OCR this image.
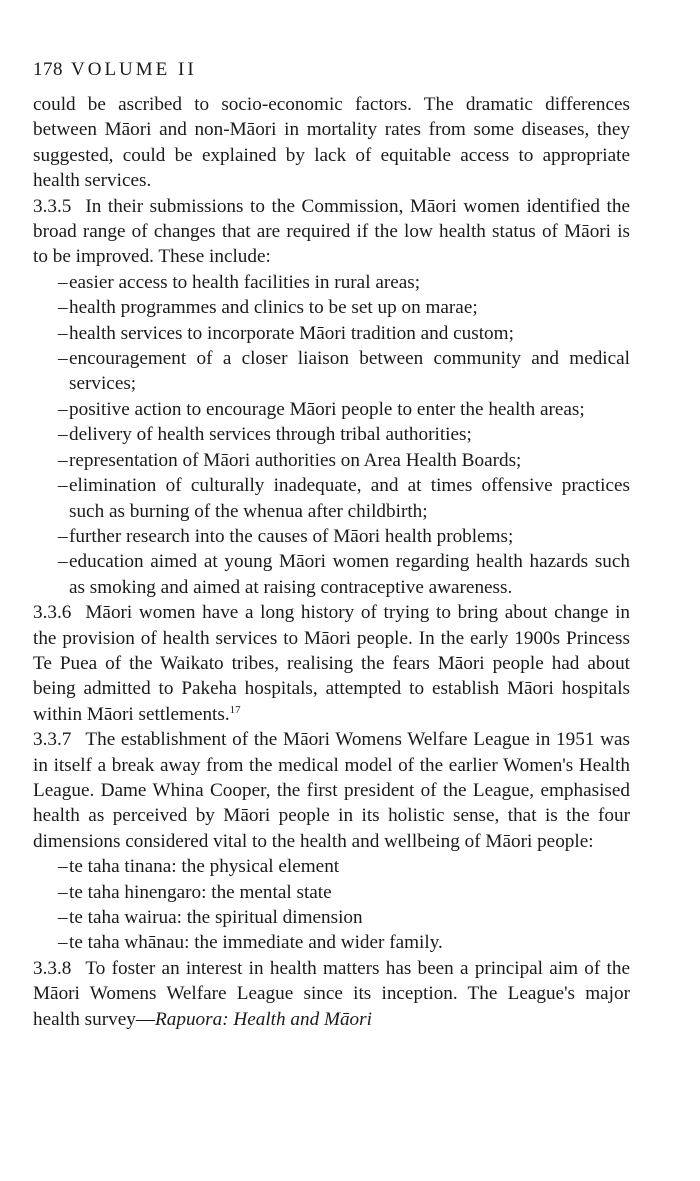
178 VOLUME II

could be ascribed to socio-economic factors. The dramatic differences between Māori and non-Māori in mortality rates from some diseases, they suggested, could be explained by lack of equitable access to appropriate health services.

3.3.5 In their submissions to the Commission, Māori women identified the broad range of changes that are required if the low health status of Māori is to be improved. These include:

– easier access to health facilities in rural areas;
– health programmes and clinics to be set up on marae;
– health services to incorporate Māori tradition and custom;
– encouragement of a closer liaison between community and medical services;
– positive action to encourage Māori people to enter the health areas;
– delivery of health services through tribal authorities;
– representation of Māori authorities on Area Health Boards;
– elimination of culturally inadequate, and at times offensive practices such as burning of the whenua after childbirth;
– further research into the causes of Māori health problems;
– education aimed at young Māori women regarding health hazards such as smoking and aimed at raising contraceptive awareness.

3.3.6 Māori women have a long history of trying to bring about change in the provision of health services to Māori people. In the early 1900s Princess Te Puea of the Waikato tribes, realising the fears Māori people had about being admitted to Pakeha hospitals, attempted to establish Māori hospitals within Māori settlements.$^{17}$

3.3.7 The establishment of the Māori Womens Welfare League in 1951 was in itself a break away from the medical model of the earlier Women's Health League. Dame Whina Cooper, the first president of the League, emphasised health as perceived by Māori people in its holistic sense, that is the four dimensions considered vital to the health and wellbeing of Māori people:

– te taha tinana: the physical element
– te taha hinengaro: the mental state
– te taha wairua: the spiritual dimension
– te taha whānau: the immediate and wider family.

3.3.8 To foster an interest in health matters has been a principal aim of the Māori Womens Welfare League since its inception. The League's major health survey—Rapuora: Health and Māori
